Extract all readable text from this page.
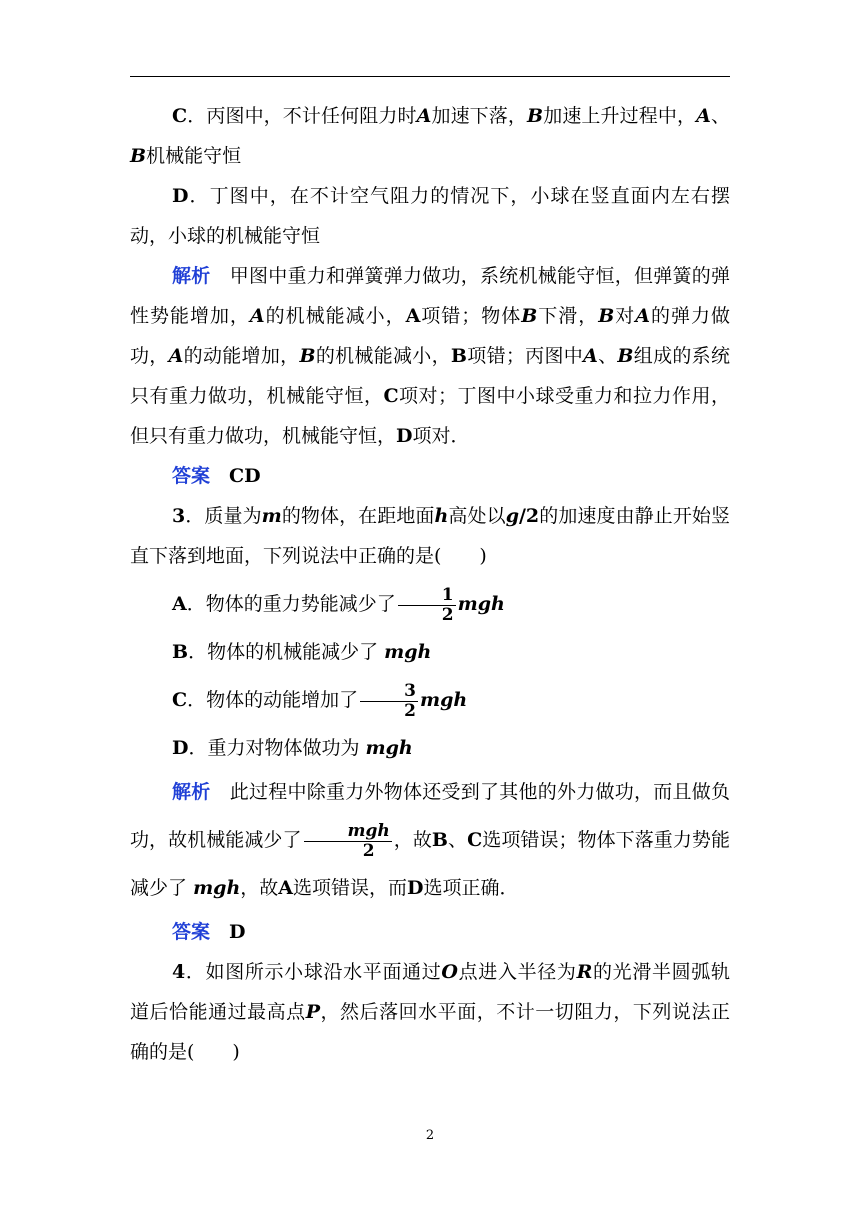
C．丙图中，不计任何阻力时A加速下落，B加速上升过程中，A、B机械能守恒

D．丁图中，在不计空气阻力的情况下，小球在竖直面内左右摆动，小球的机械能守恒

解析　 甲图中重力和弹簧弹力做功，系统机械能守恒，但弹簧的弹性势能增加，A的机械能减小，A项错；物体B下滑，B对A的弹力做功，A的动能增加，B的机械能减小，B项错；丙图中A、B组成的系统只有重力做功，机械能守恒，C项对；丁图中小球受重力和拉力作用，但只有重力做功，机械能守恒，D项对．

答案　 CD

3．质量为m的物体，在距地面h高处以g/2的加速度由静止开始竖直下落到地面，下列说法中正确的是(　　)

A．物体的重力势能减少了 $\frac{1}{2}$ mgh

B．物体的机械能减少了 mgh

C．物体的动能增加了 $\frac{3}{2}$ mgh

D．重力对物体做功为 mgh

解析　 此过程中除重力外物体还受到了其他的外力做功，而且做负功，故机械能减少了 $\frac{\text{mgh}}{2}$ ，故B、C选项错误；物体下落重力势能减少了 mgh，故A选项错误，而D选项正确．

答案　 D

4．如图所示小球沿水平面通过O点进入半径为R的光滑半圆弧轨道后恰能通过最高点P，然后落回水平面，不计一切阻力，下列说法正确的是(　　)

2
